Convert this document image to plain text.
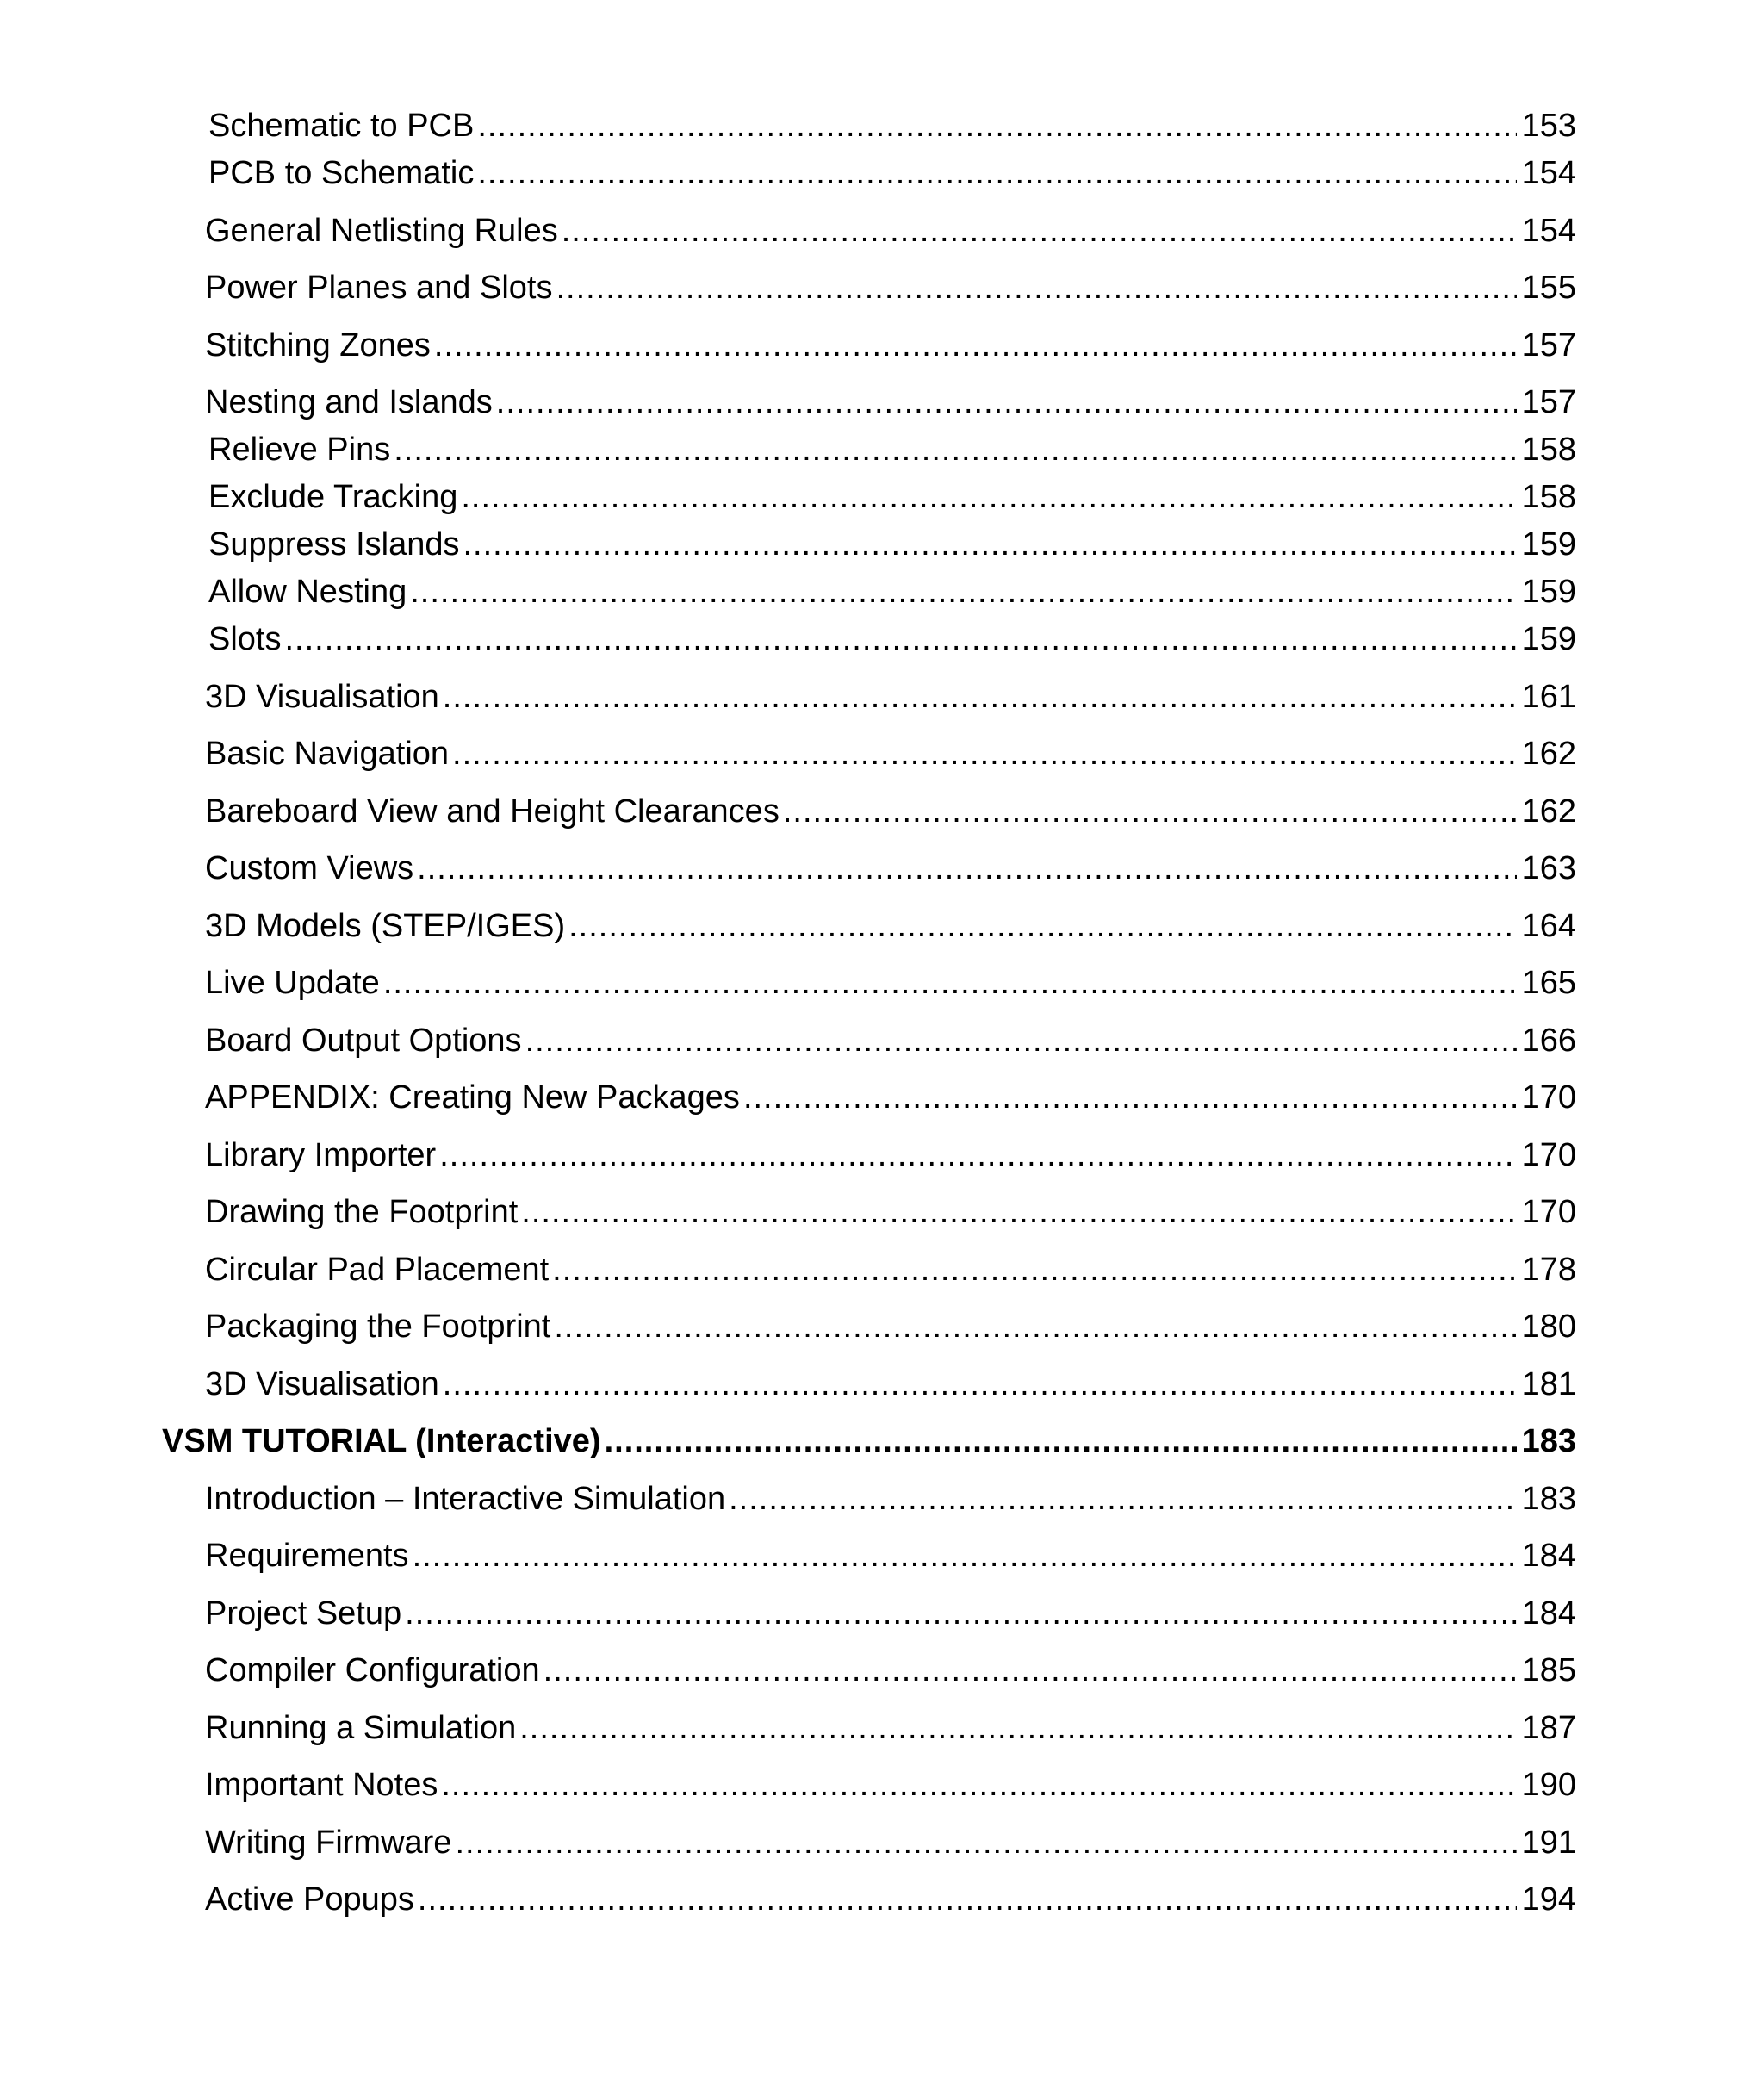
Schematic to PCB .....	153
PCB to Schematic .....	154
General Netlisting Rules .....	154
Power Planes and Slots .....	155
Stitching Zones .....	157
Nesting and Islands .....	157
Relieve Pins .....	158
Exclude Tracking .....	158
Suppress Islands .....	159
Allow Nesting .....	159
Slots .....	159
3D Visualisation .....	161
Basic Navigation .....	162
Bareboard View and Height Clearances .....	162
Custom Views .....	163
3D Models (STEP/IGES) .....	164
Live Update .....	165
Board Output Options .....	166
APPENDIX: Creating New Packages .....	170
Library Importer .....	170
Drawing the Footprint .....	170
Circular Pad Placement .....	178
Packaging the Footprint .....	180
3D Visualisation .....	181
VSM TUTORIAL (Interactive) .....	183
Introduction – Interactive Simulation .....	183
Requirements .....	184
Project Setup .....	184
Compiler Configuration .....	185
Running a Simulation .....	187
Important Notes .....	190
Writing Firmware .....	191
Active Popups .....	194
